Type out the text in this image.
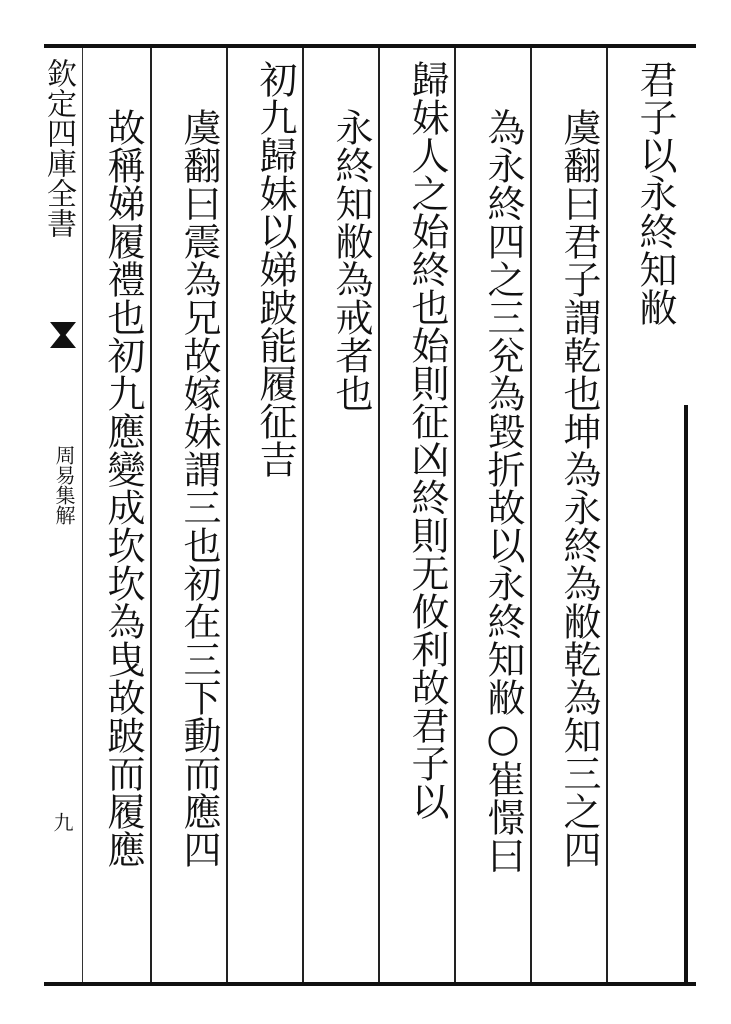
欽定四庫全書
周易集解
九
君子以永終知敝
虞翻曰君子謂乾也坤為永終為敝乾為知三之四
為永終四之三兊為毀折故以永終知敝○崔憬曰
歸妹人之始終也始則征凶終則无攸利故君子以
永終知敝為戒者也
初九歸妹以娣跛能履征吉
虞翻曰震為兄故嫁妹謂三也初在三下動而應四
故稱娣履禮也初九應變成坎坎為曳故跛而履應
